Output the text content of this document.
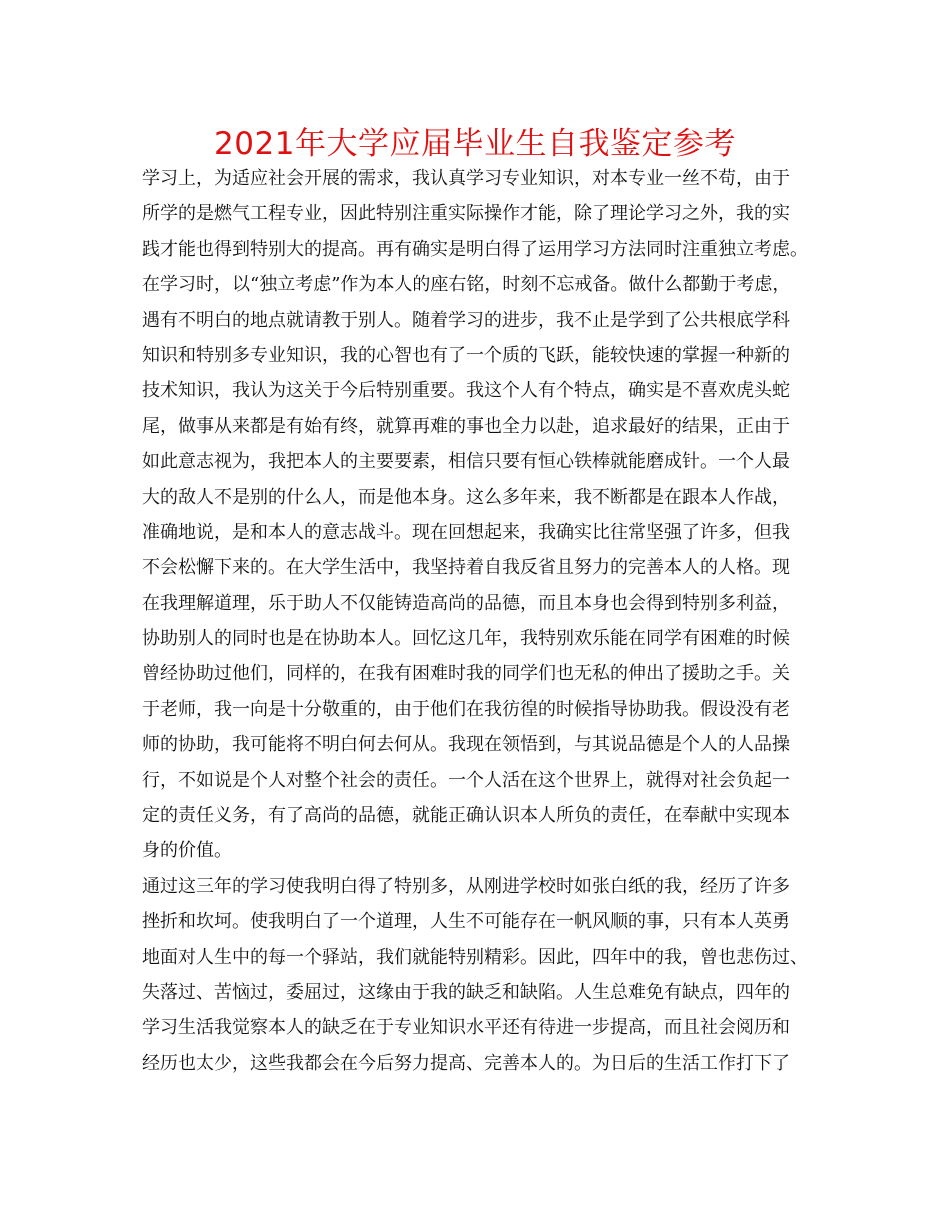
2021年大学应届毕业生自我鉴定参考
学习上，为适应社会开展的需求，我认真学习专业知识，对本专业一丝不苟，由于
所学的是燃气工程专业，因此特别注重实际操作才能，除了理论学习之外，我的实
践才能也得到特别大的提高。再有确实是明白得了运用学习方法同时注重独立考虑。
在学习时，以“独立考虑”作为本人的座右铭，时刻不忘戒备。做什么都勤于考虑，
遇有不明白的地点就请教于别人。随着学习的进步，我不止是学到了公共根底学科
知识和特别多专业知识，我的心智也有了一个质的飞跃，能较快速的掌握一种新的
技术知识，我认为这关于今后特别重要。我这个人有个特点，确实是不喜欢虎头蛇
尾，做事从来都是有始有终，就算再难的事也全力以赴，追求最好的结果，正由于
如此意志视为，我把本人的主要要素，相信只要有恒心铁棒就能磨成针。一个人最
大的敌人不是别的什么人，而是他本身。这么多年来，我不断都是在跟本人作战，
准确地说，是和本人的意志战斗。现在回想起来，我确实比往常坚强了许多，但我
不会松懈下来的。在大学生活中，我坚持着自我反省且努力的完善本人的人格。现
在我理解道理，乐于助人不仅能铸造高尚的品德，而且本身也会得到特别多利益，
协助别人的同时也是在协助本人。回忆这几年，我特别欢乐能在同学有困难的时候
曾经协助过他们，同样的，在我有困难时我的同学们也无私的伸出了援助之手。关
于老师，我一向是十分敬重的，由于他们在我彷徨的时候指导协助我。假设没有老
师的协助，我可能将不明白何去何从。我现在领悟到，与其说品德是个人的人品操
行，不如说是个人对整个社会的责任。一个人活在这个世界上，就得对社会负起一
定的责任义务，有了高尚的品德，就能正确认识本人所负的责任，在奉献中实现本
身的价值。
通过这三年的学习使我明白得了特别多，从刚进学校时如张白纸的我，经历了许多
挫折和坎坷。使我明白了一个道理，人生不可能存在一帆风顺的事，只有本人英勇
地面对人生中的每一个驿站，我们就能特别精彩。因此，四年中的我，曾也悲伤过、
失落过、苦恼过，委屈过，这缘由于我的缺乏和缺陷。人生总难免有缺点，四年的
学习生活我觉察本人的缺乏在于专业知识水平还有待进一步提高，而且社会阅历和
经历也太少，这些我都会在今后努力提高、完善本人的。为日后的生活工作打下了
